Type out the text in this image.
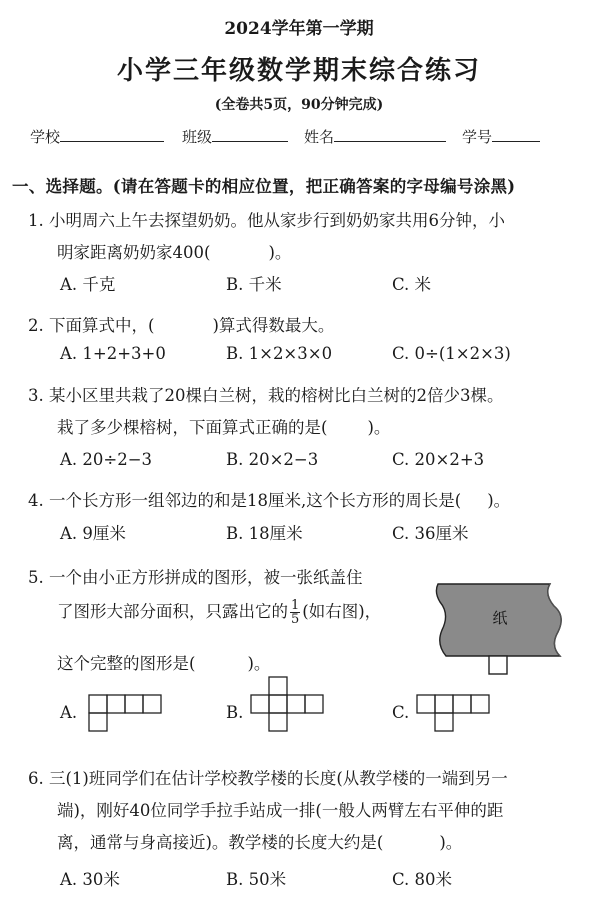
2024学年第一学期
小学三年级数学期末综合练习
(全卷共5页，90分钟完成)
学校	班级	姓名	学号
一、选择题。(请在答题卡的相应位置，把正确答案的字母编号涂黑)
1. 小明周六上午去探望奶奶。他从家步行到奶奶家共用6分钟，小
明家距离奶奶家400(	)。
A. 千克	B. 千米	C. 米
2. 下面算式中，(	)算式得数最大。
A. 1+2+3+0	B. 1×2×3×0	C. 0÷(1×2×3)
3. 某小区里共栽了20棵白兰树，栽的榕树比白兰树的2倍少3棵。
栽了多少棵榕树，下面算式正确的是( )。
A. 20÷2−3	B. 20×2−3	C. 20×2+3
4. 一个长方形一组邻边的和是18厘米,这个长方形的周长是( )。
A. 9厘米	B. 18厘米	C. 36厘米
5. 一个由小正方形拼成的图形，被一张纸盖住
了图形大部分面积，只露出它的 $\frac{1}{5}$ (如右图)，
这个完整的图形是(	)。
纸
A.	B.	C.
6. 三(1)班同学们在估计学校教学楼的长度(从教学楼的一端到另一
端)，刚好40位同学手拉手站成一排(一般人两臂左右平伸的距
离，通常与身高接近)。教学楼的长度大约是(	)。
A. 30米	B. 50米	C. 80米
